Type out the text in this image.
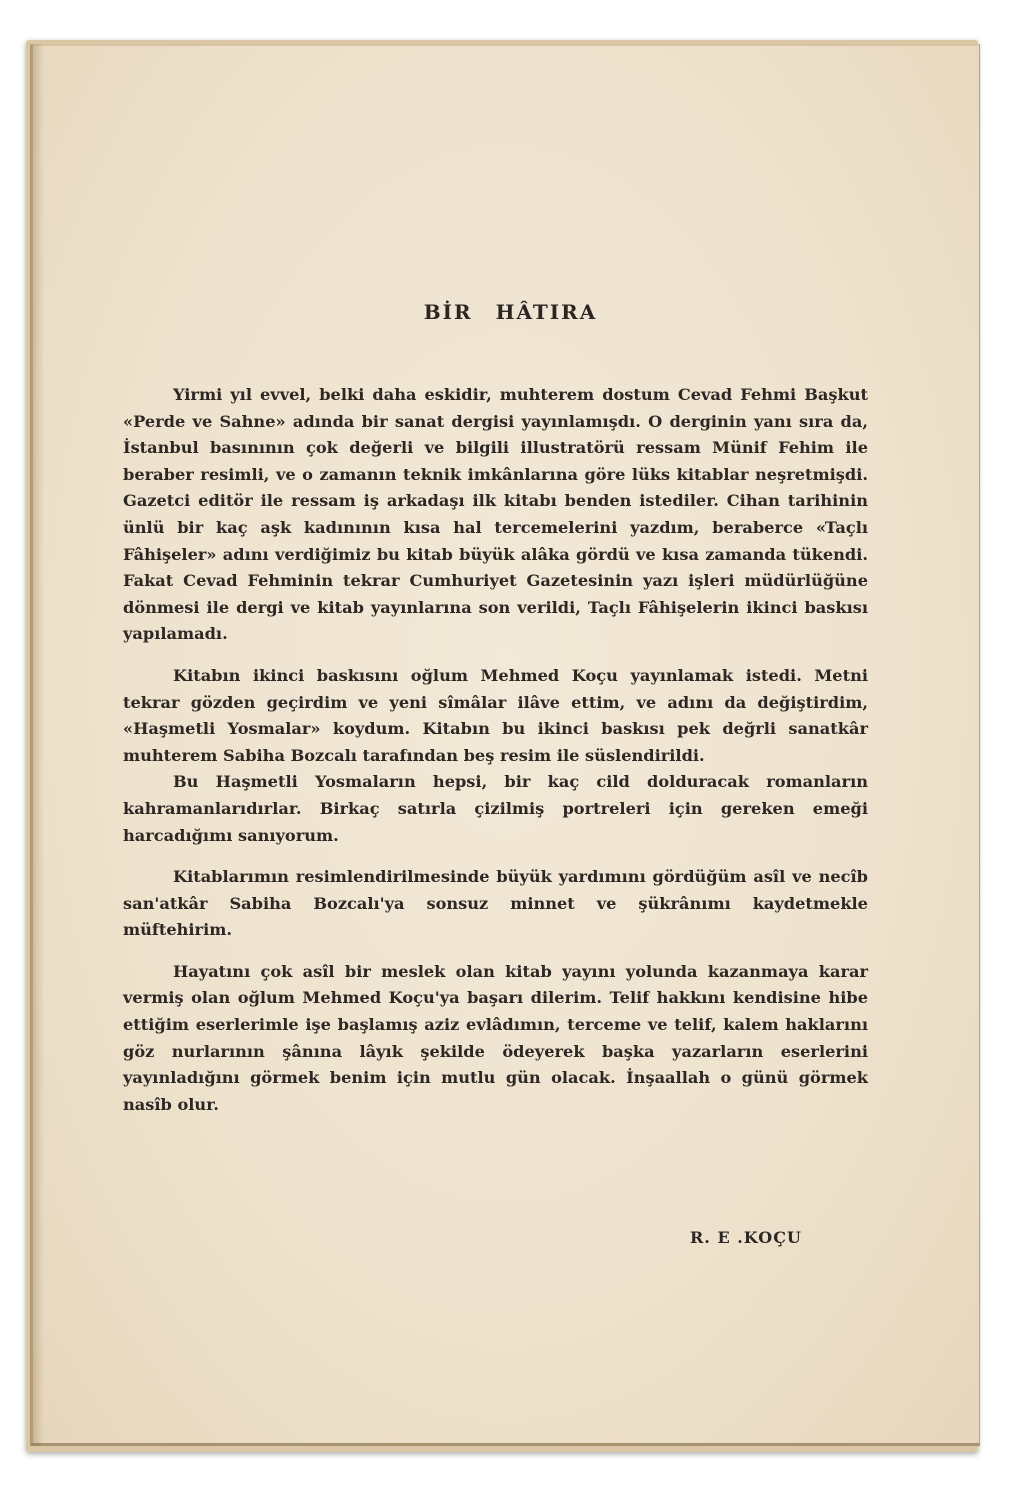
BİR HÂTIRA

Yirmi yıl evvel, belki daha eskidir, muhterem dostum Cevad Fehmi Başkut «Perde ve Sahne» adında bir sanat dergisi yayınlamışdı. O derginin yanı sıra da, İstanbul basınının çok değerli ve bilgili illustratörü ressam Münif Fehim ile beraber resimli, ve o zamanın teknik imkânlarına göre lüks kitablar neşretmişdi. Gazetci editör ile ressam iş arkadaşı ilk kitabı benden istediler. Cihan tarihinin ünlü bir kaç aşk kadınının kısa hal tercemelerini yazdım, beraberce «Taçlı Fâhişeler» adını verdiğimiz bu kitab büyük alâka gördü ve kısa zamanda tükendi. Fakat Cevad Fehminin tekrar Cumhuriyet Gazetesinin yazı işleri müdürlüğüne dönmesi ile dergi ve kitab yayınlarına son verildi, Taçlı Fâhişelerin ikinci baskısı yapılamadı.

Kitabın ikinci baskısını oğlum Mehmed Koçu yayınlamak istedi. Metni tekrar gözden geçirdim ve yeni sîmâlar ilâve ettim, ve adını da değiştirdim, «Haşmetli Yosmalar» koydum. Kitabın bu ikinci baskısı pek değrli sanatkâr muhterem Sabiha Bozcalı tarafından beş resim ile süslendirildi.

Bu Haşmetli Yosmaların hepsi, bir kaç cild dolduracak romanların kahramanlarıdırlar. Birkaç satırla çizilmiş portreleri için gereken emeği harcadığımı sanıyorum.

Kitablarımın resimlendirilmesinde büyük yardımını gördüğüm asîl ve necîb san'atkâr Sabiha Bozcalı'ya sonsuz minnet ve şükrânımı kaydetmekle müftehirim.

Hayatını çok asîl bir meslek olan kitab yayını yolunda kazanmaya karar vermiş olan oğlum Mehmed Koçu'ya başarı dilerim. Telif hakkını kendisine hibe ettiğim eserlerimle işe başlamış aziz evlâdımın, terceme ve telif, kalem haklarını göz nurlarının şânına lâyık şekilde ödeyerek başka yazarların eserlerini yayınladığını görmek benim için mutlu gün olacak. İnşaallah o günü görmek nasîb olur.

R. E .KOÇU
